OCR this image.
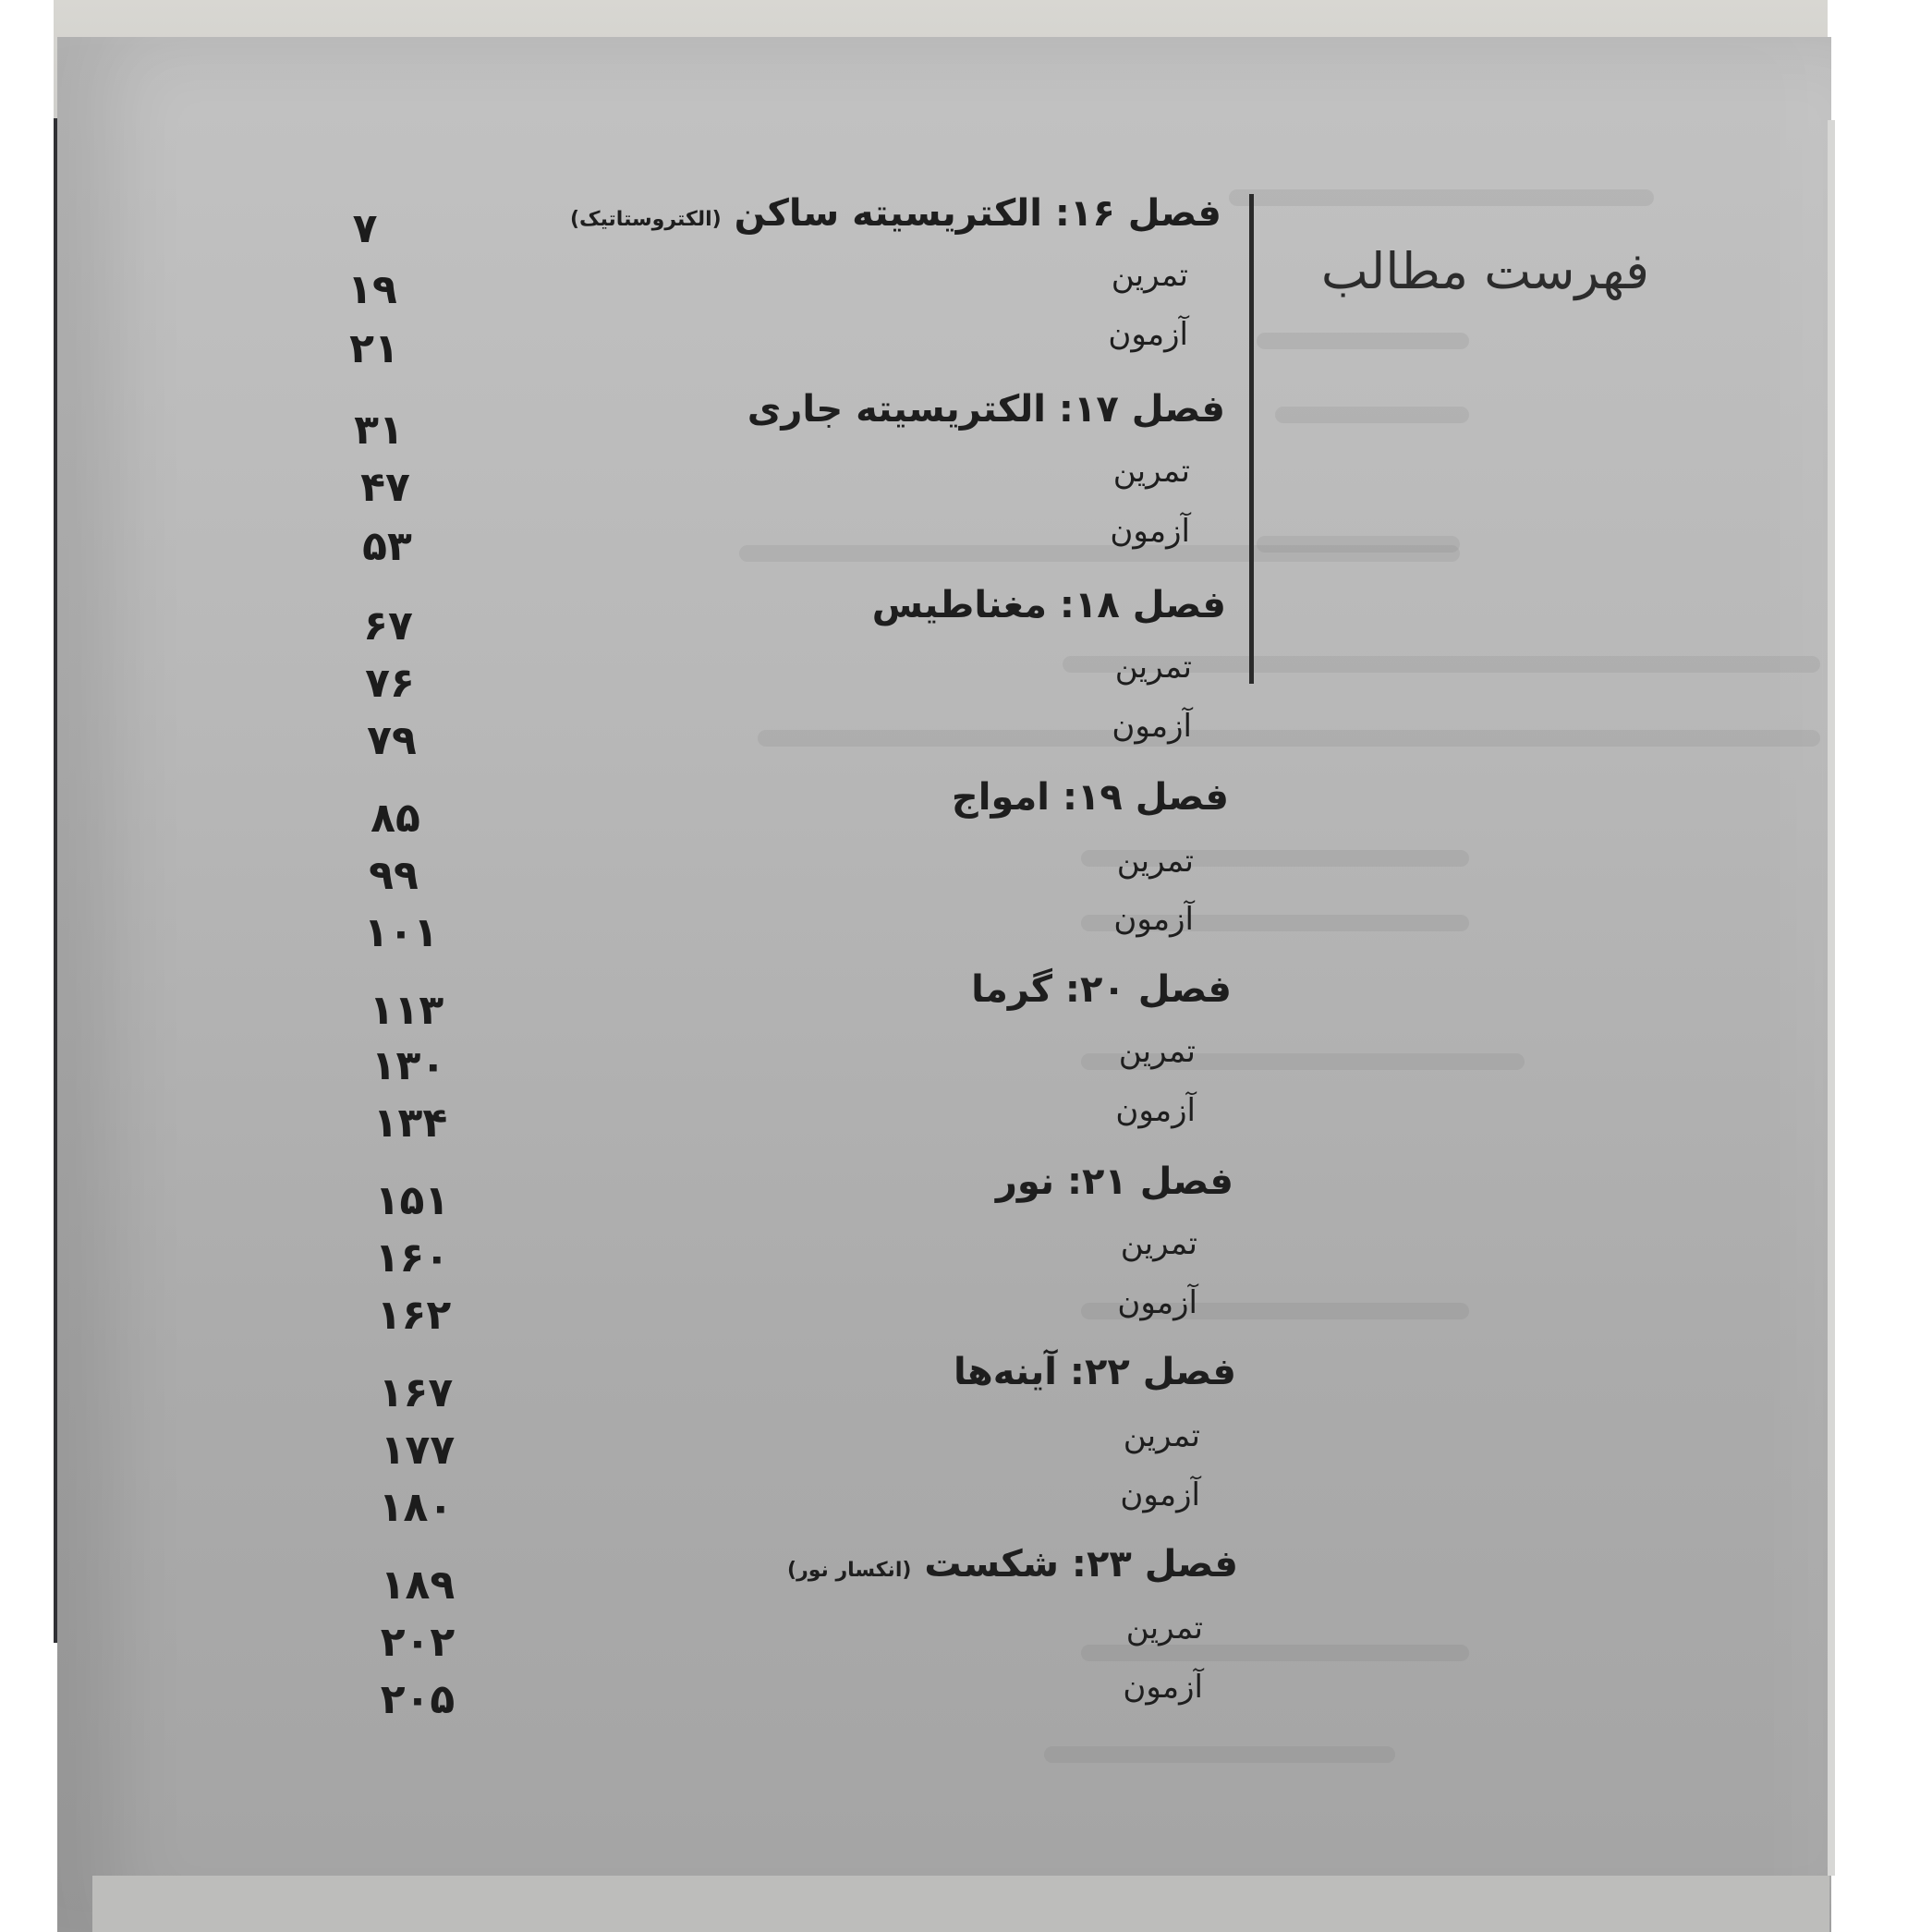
فهرست مطالب
فصل ۱۶: الکتریسیته ساکن (الکتروستاتیک)
۷
تمرین
۱۹
آزمون
۲۱
فصل ۱۷: الکتریسیته جاری
۳۱
تمرین
۴۷
آزمون
۵۳
فصل ۱۸: مغناطیس
۶۷
تمرین
۷۶
آزمون
۷۹
فصل ۱۹: امواج
۸۵
تمرین
۹۹
آزمون
۱۰۱
فصل ۲۰: گرما
۱۱۳
تمرین
۱۳۰
آزمون
۱۳۴
فصل ۲۱: نور
۱۵۱
تمرین
۱۶۰
آزمون
۱۶۲
فصل ۲۲: آینه‌ها
۱۶۷
تمرین
۱۷۷
آزمون
۱۸۰
فصل ۲۳: شکست (انکسار نور)
۱۸۹
تمرین
۲۰۲
آزمون
۲۰۵
